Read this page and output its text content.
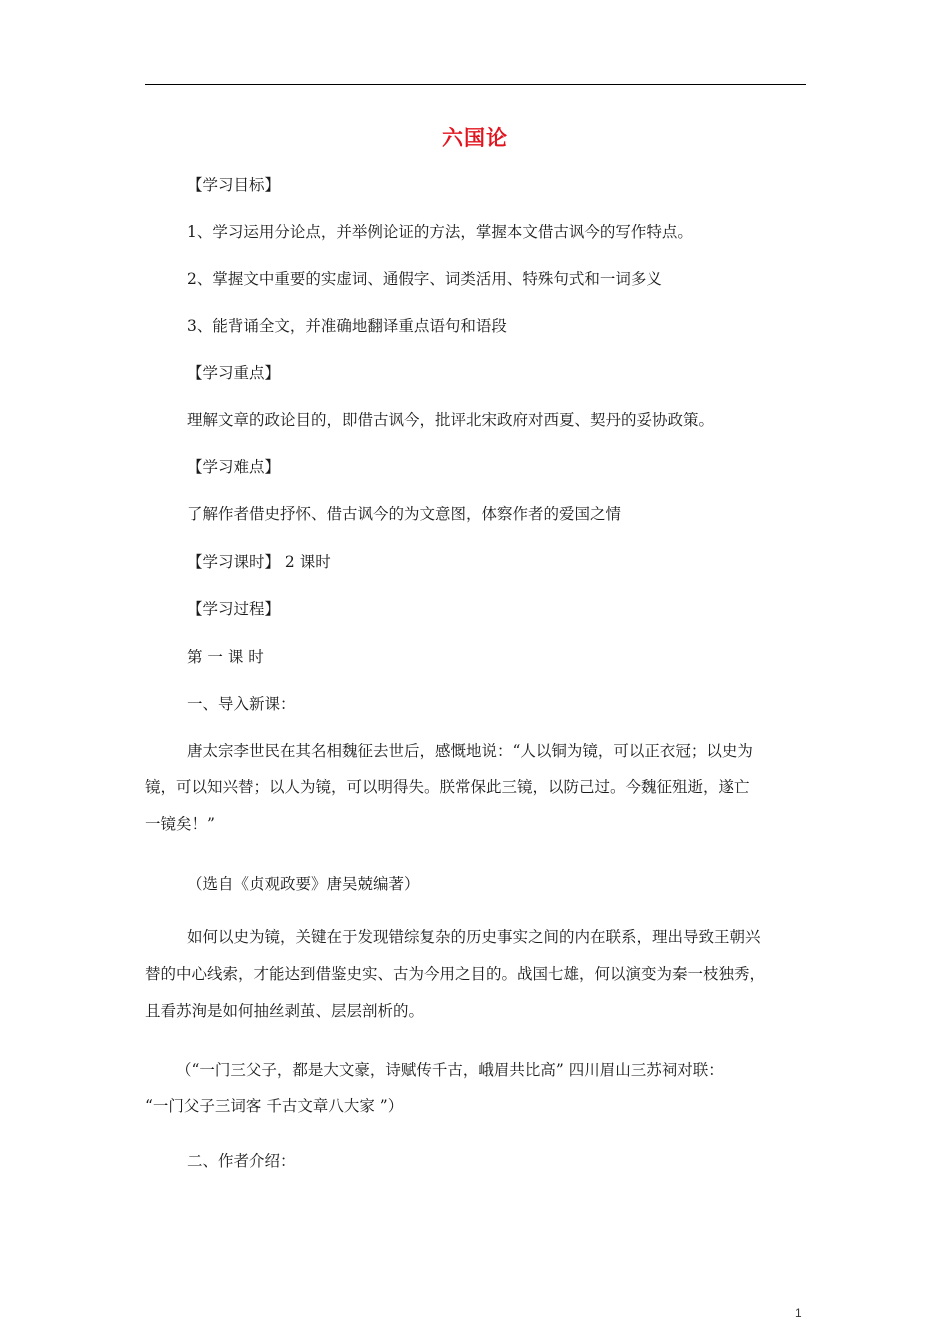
六国论
【学习目标】
1、学习运用分论点，并举例论证的方法，掌握本文借古讽今的写作特点。
2、掌握文中重要的实虚词、通假字、词类活用、特殊句式和一词多义
3、能背诵全文，并准确地翻译重点语句和语段
【学习重点】
理解文章的政论目的，即借古讽今，批评北宋政府对西夏、契丹的妥协政策。
【学习难点】
了解作者借史抒怀、借古讽今的为文意图，体察作者的爱国之情
【学习课时】 2 课时
【学习过程】
第 一 课 时
一、导入新课：
唐太宗李世民在其名相魏征去世后，感慨地说：“人以铜为镜，可以正衣冠；以史为
镜，可以知兴替；以人为镜，可以明得失。朕常保此三镜，以防己过。今魏征殂逝，遂亡
一镜矣！”
（选自《贞观政要》唐吴兢编著）
如何以史为镜，关键在于发现错综复杂的历史事实之间的内在联系，理出导致王朝兴
替的中心线索，才能达到借鉴史实、古为今用之目的。战国七雄，何以演变为秦一枝独秀，
且看苏洵是如何抽丝剥茧、层层剖析的。
（“一门三父子，都是大文豪，诗赋传千古，峨眉共比高” 四川眉山三苏祠对联：
“一门父子三词客 千古文章八大家 ”）
二、作者介绍：
1
